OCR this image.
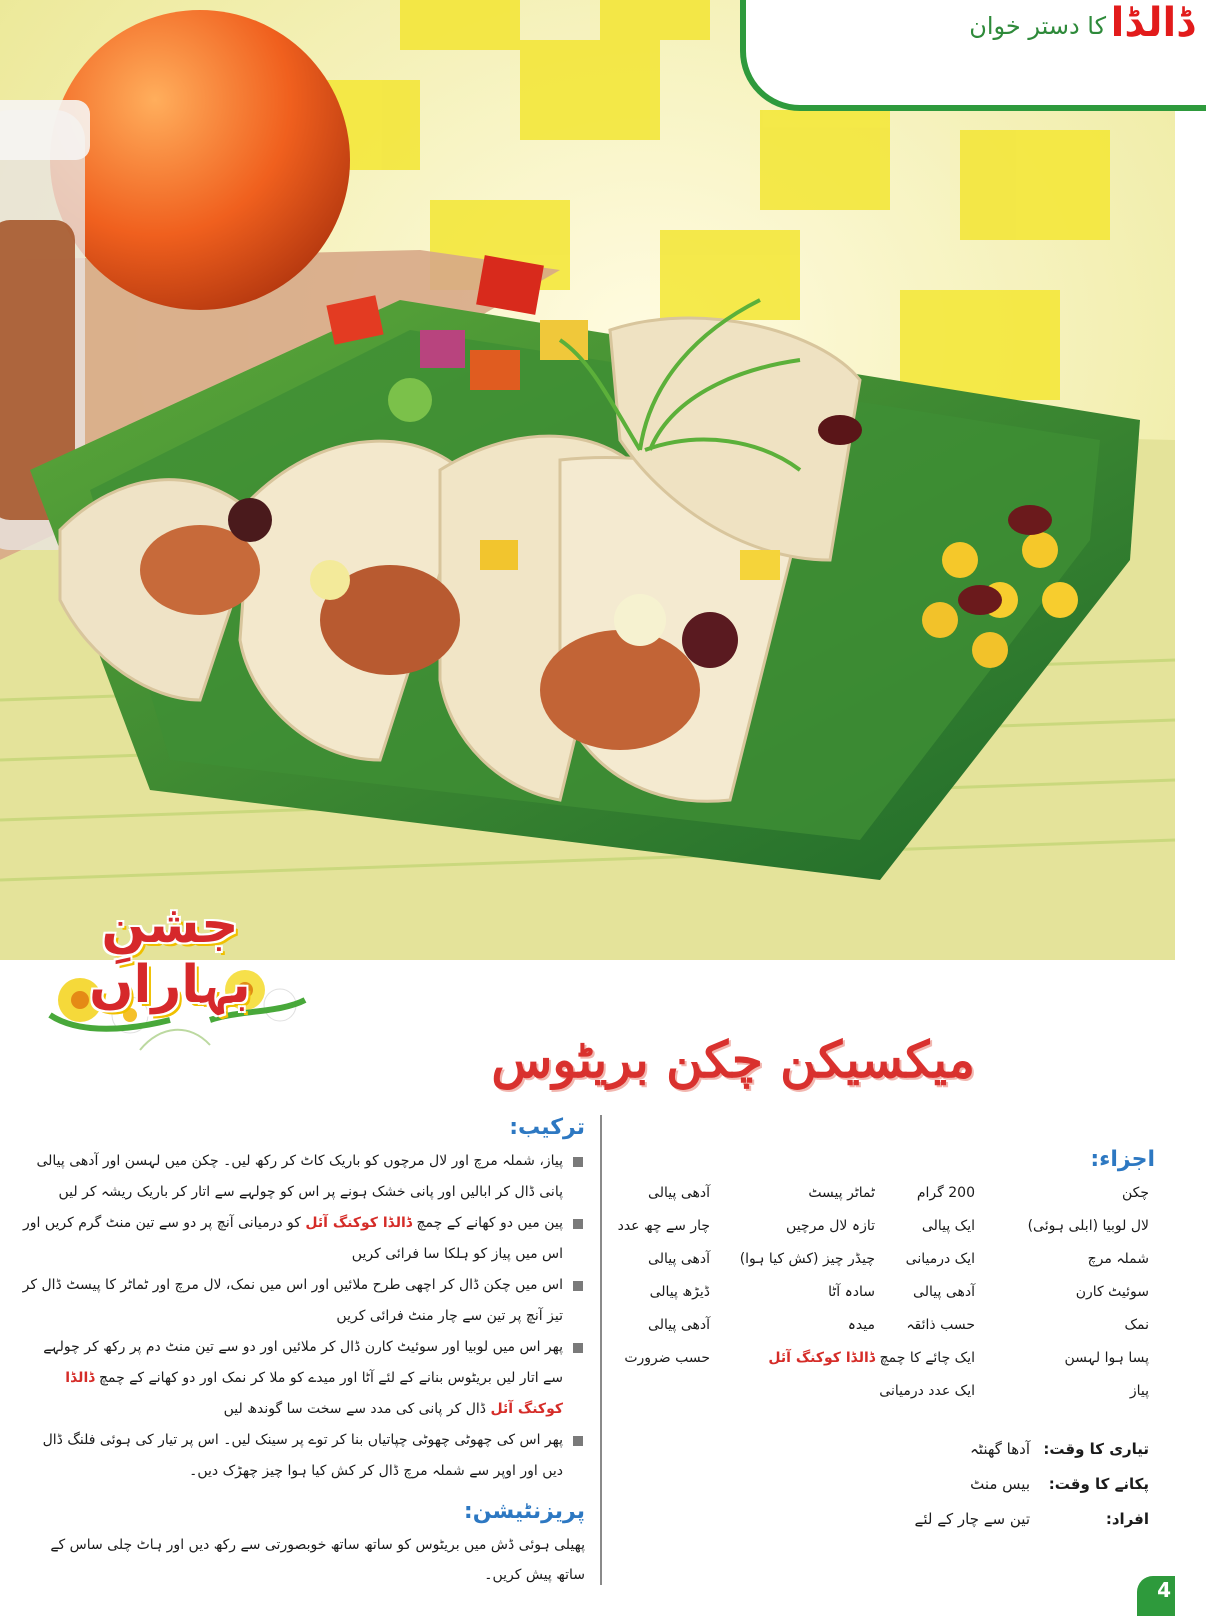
ڈالڈا
کا دستر خوان
جشنِ بہاراں
میکسیکن چکن بریٹوس
ترکیب:

پیاز، شملہ مرچ اور لال مرچوں کو باریک کاٹ کر رکھ لیں۔ چکن میں لہسن اور آدھی پیالی پانی ڈال کر ابالیں اور پانی خشک ہونے پر اس کو چولہے سے اتار کر باریک ریشہ کر لیں

پین میں دو کھانے کے چمچ ڈالڈا کوکنگ آئل کو درمیانی آنچ پر دو سے تین منٹ گرم کریں اور اس میں پیاز کو ہلکا سا فرائی کریں

اس میں چکن ڈال کر اچھی طرح ملائیں اور اس میں نمک، لال مرچ اور ٹماٹر کا پیسٹ ڈال کر تیز آنچ پر تین سے چار منٹ فرائی کریں

پھر اس میں لوبیا اور سوئیٹ کارن ڈال کر ملائیں اور دو سے تین منٹ دم پر رکھ کر چولہے سے اتار لیں بریٹوس بنانے کے لئے آٹا اور میدے کو ملا کر نمک اور دو کھانے کے چمچ ڈالڈا کوکنگ آئل ڈال کر پانی کی مدد سے سخت سا گوندھ لیں

پھر اس کی چھوٹی چھوٹی چپاتیاں بنا کر توے پر سینک لیں۔ اس پر تیار کی ہوئی فلنگ ڈال دیں اور اوپر سے شملہ مرچ ڈال کر کش کیا ہوا چیز چھڑک دیں۔

پریزنٹیشن:
پھیلی ہوئی ڈش میں بریٹوس کو ساتھ ساتھ خوبصورتی سے رکھ دیں اور ہاٹ چلی ساس کے ساتھ پیش کریں۔
اجزاء:
چکن
لال لوبیا (ابلی ہوئی)
شملہ مرچ
سوئیٹ کارن
نمک
پسا ہوا لہسن
پیاز
200 گرام
ایک پیالی
ایک درمیانی
آدھی پیالی
حسب ذائقہ
ایک چائے کا چمچ
ایک عدد درمیانی
ٹماٹر پیسٹ
تازہ لال مرچیں
چیڈر چیز (کش کیا ہوا)
سادہ آٹا
میدہ
ڈالڈا کوکنگ آئل
آدھی پیالی
چار سے چھ عدد
آدھی پیالی
ڈیڑھ پیالی
آدھی پیالی
حسب ضرورت
تیاری کا وقت:
آدھا گھنٹہ
پکانے کا وقت:
بیس منٹ
افراد:
تین سے چار کے لئے
4
